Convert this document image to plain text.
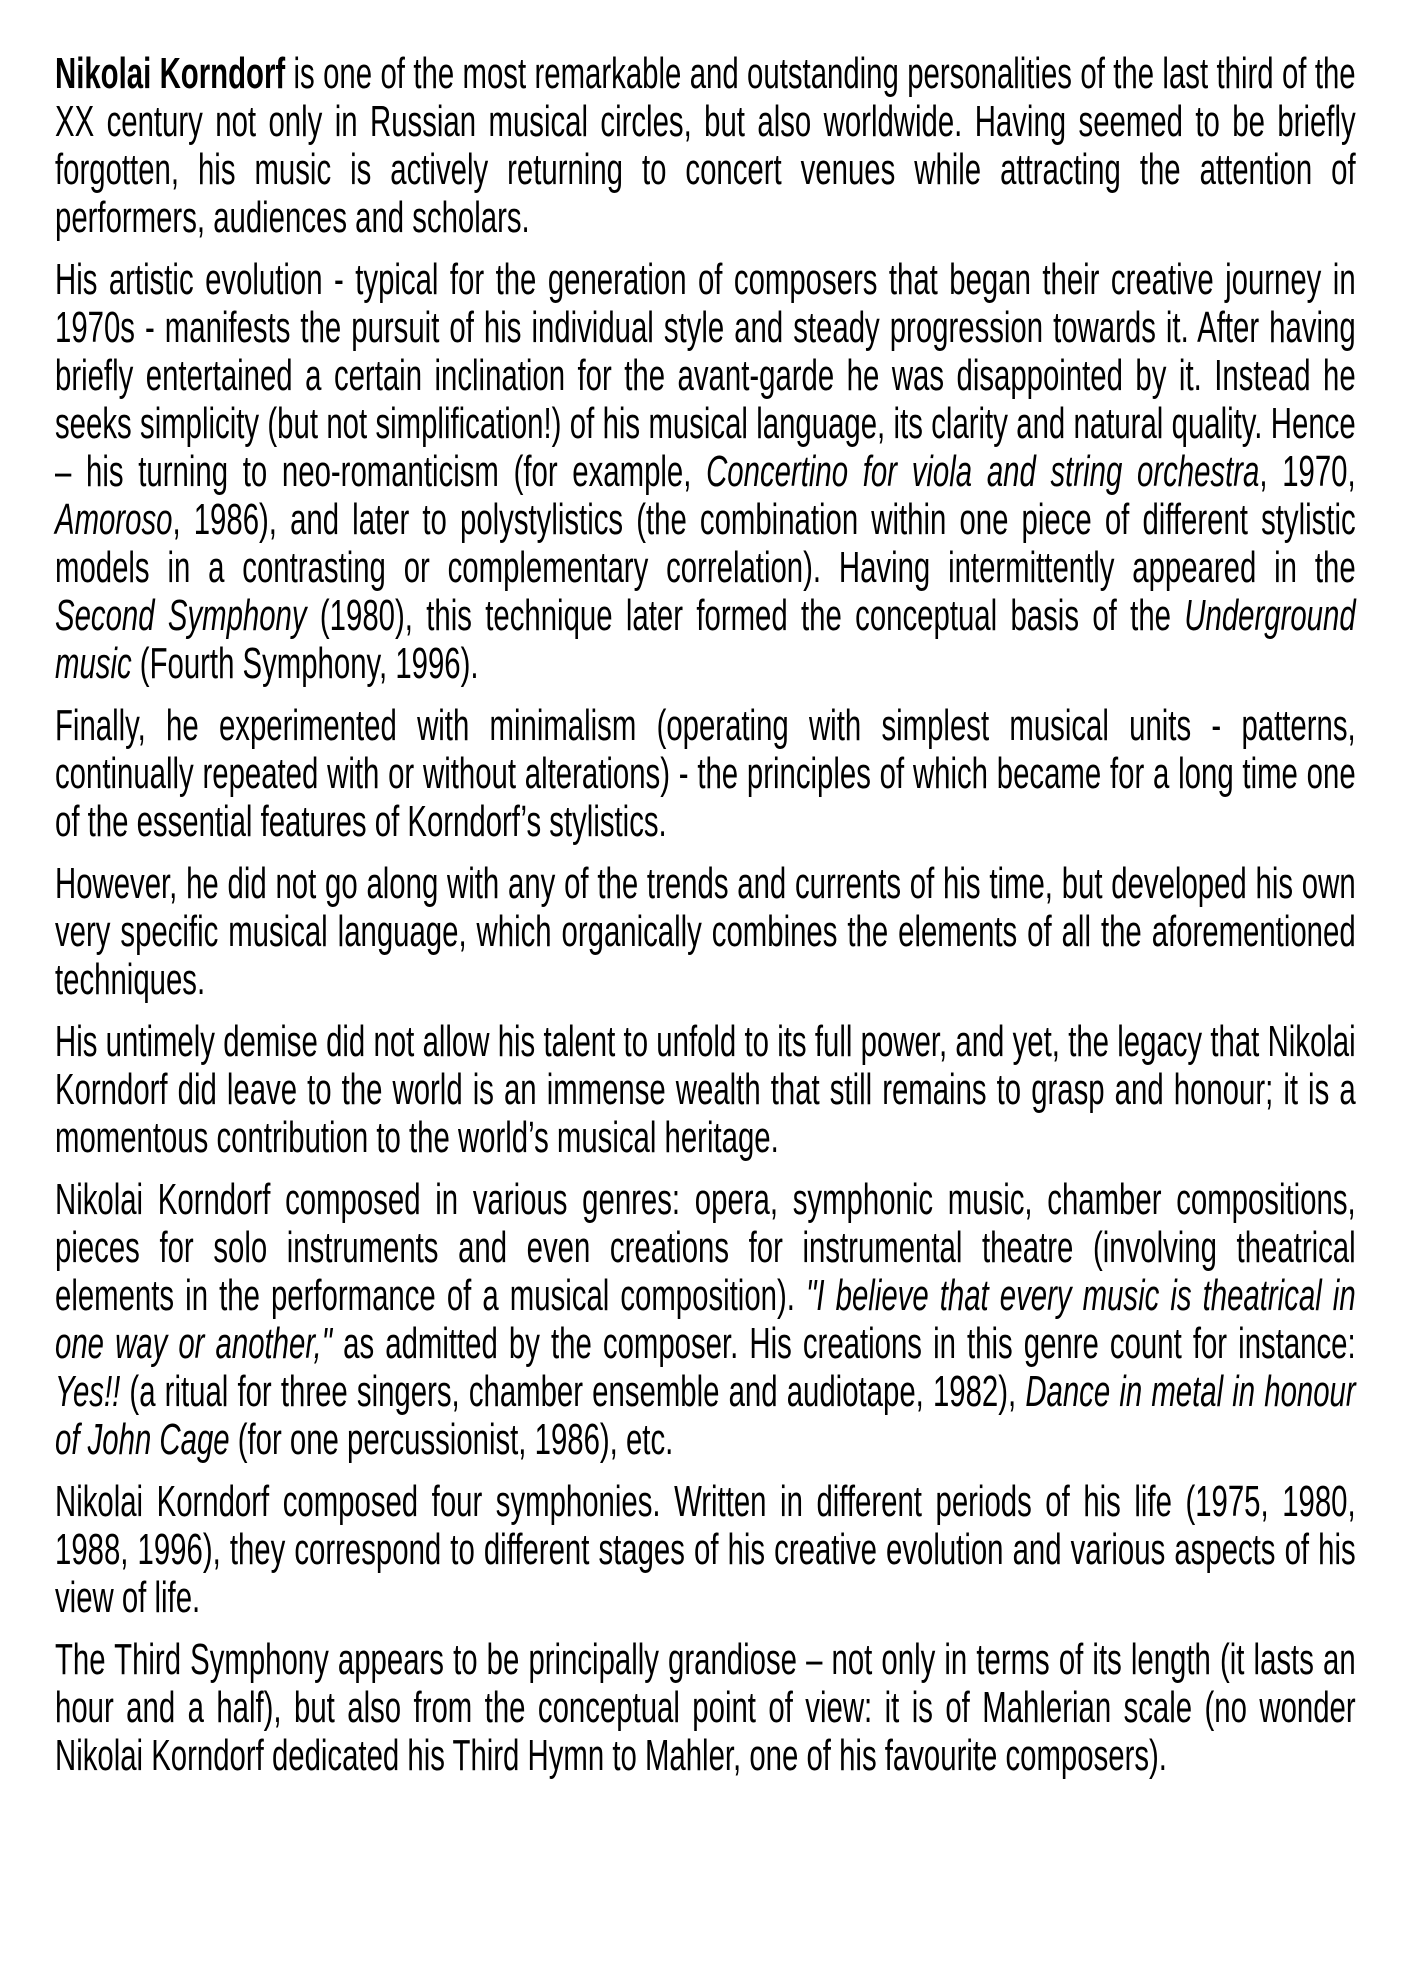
Nikolai Korndorf is one of the most remarkable and outstanding personalities of the last third of the XX century not only in Russian musical circles, but also worldwide. Having seemed to be briefly forgotten, his music is actively returning to concert venues while attracting the attention of performers, audiences and scholars.

His artistic evolution - typical for the generation of composers that began their creative journey in 1970s - manifests the pursuit of his individual style and steady progression towards it. After having briefly entertained a certain inclination for the avant-garde he was disappointed by it. Instead he seeks simplicity (but not simplification!) of his musical language, its clarity and natural quality. Hence – his turning to neo-romanticism (for example, Concertino for viola and string orchestra, 1970, Amoroso, 1986), and later to polystylistics (the combination within one piece of different stylistic models in a contrasting or complementary correlation). Having intermittently appeared in the Second Symphony (1980), this technique later formed the conceptual basis of the Underground music (Fourth Symphony, 1996).

Finally, he experimented with minimalism (operating with simplest musical units - patterns, continually repeated with or without alterations) - the principles of which became for a long time one of the essential features of Korndorf’s stylistics.

However, he did not go along with any of the trends and currents of his time, but developed his own very specific musical language, which organically combines the elements of all the aforementioned techniques.

His untimely demise did not allow his talent to unfold to its full power, and yet, the legacy that Nikolai Korndorf did leave to the world is an immense wealth that still remains to grasp and honour; it is a momentous contribution to the world’s musical heritage.

Nikolai Korndorf composed in various genres: opera, symphonic music, chamber compositions, pieces for solo instruments and even creations for instrumental theatre (involving theatrical elements in the performance of a musical composition). "I believe that every music is theatrical in one way or another," as admitted by the composer. His creations in this genre count for instance: Yes!! (a ritual for three singers, chamber ensemble and audiotape, 1982), Dance in metal in honour of John Cage (for one percussionist, 1986), etc.

Nikolai Korndorf composed four symphonies. Written in different periods of his life (1975, 1980, 1988, 1996), they correspond to different stages of his creative evolution and various aspects of his view of life.

The Third Symphony appears to be principally grandiose – not only in terms of its length (it lasts an hour and a half), but also from the conceptual point of view: it is of Mahlerian scale (no wonder Nikolai Korndorf dedicated his Third Hymn to Mahler, one of his favourite composers).
